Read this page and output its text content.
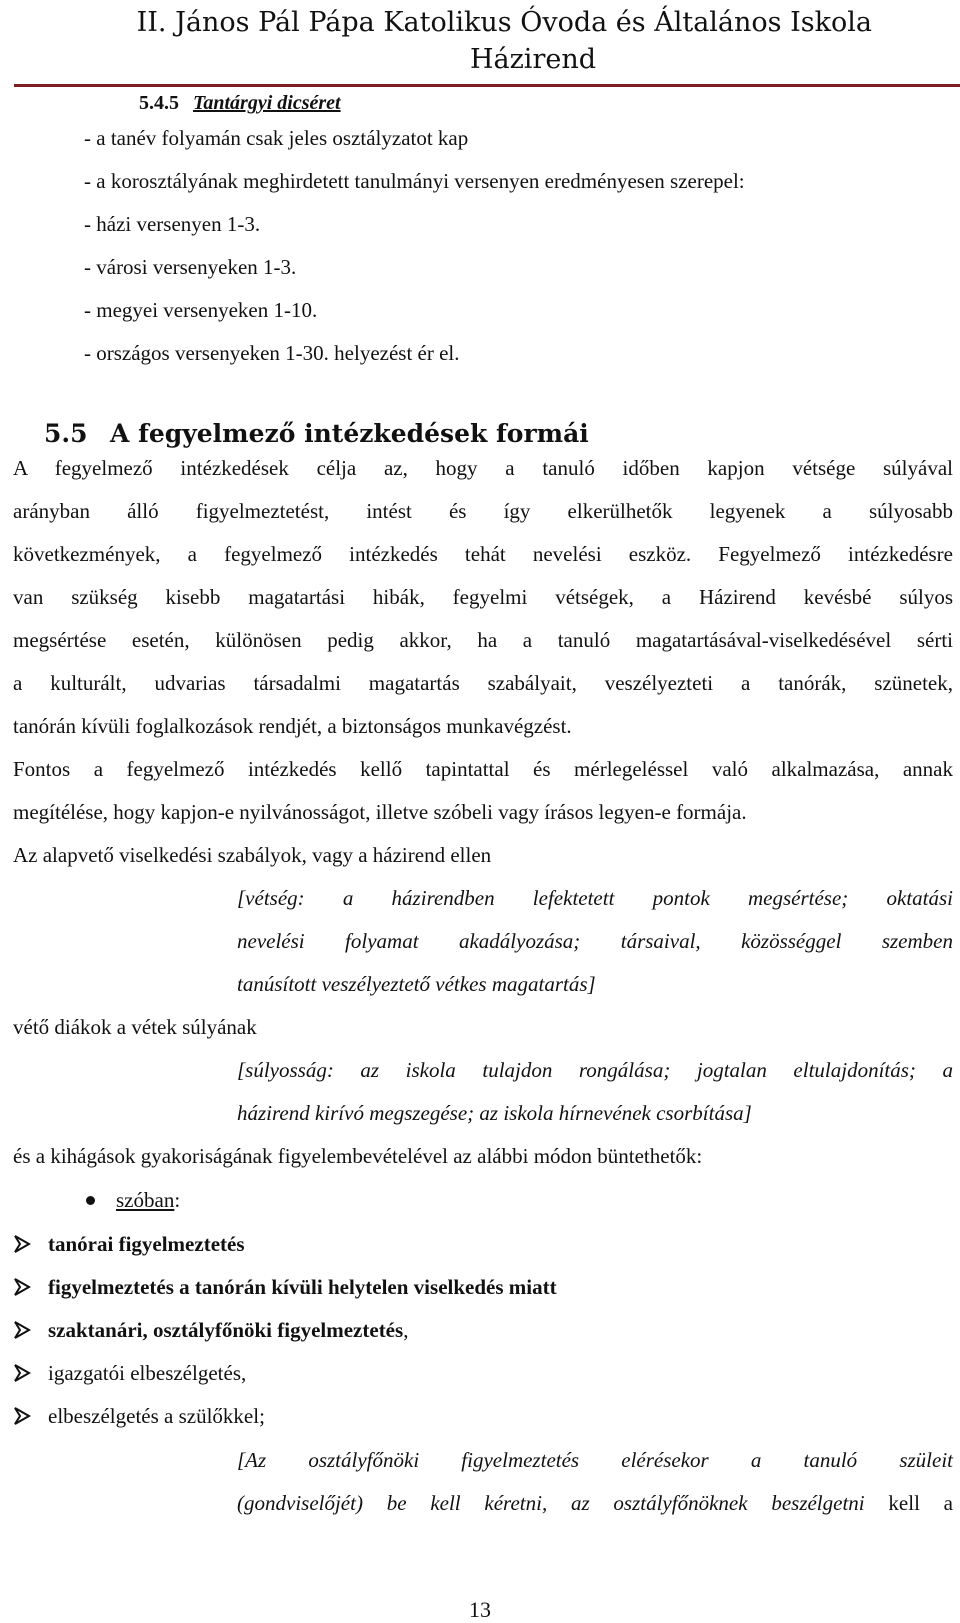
II. János Pál Pápa Katolikus Óvoda és Általános Iskola
Házirend
5.4.5 Tantárgyi dicséret
- a tanév folyamán csak jeles osztályzatot kap
- a korosztályának meghirdetett tanulmányi versenyen eredményesen szerepel:
- házi versenyen 1-3.
- városi versenyeken 1-3.
- megyei versenyeken 1-10.
- országos versenyeken 1-30. helyezést ér el.
5.5 A fegyelmező intézkedések formái
A fegyelmező intézkedések célja az, hogy a tanuló időben kapjon vétsége súlyával
arányban álló figyelmeztetést, intést és így elkerülhetők legyenek a súlyosabb
következmények, a fegyelmező intézkedés tehát nevelési eszköz. Fegyelmező intézkedésre
van szükség kisebb magatartási hibák, fegyelmi vétségek, a Házirend kevésbé súlyos
megsértése esetén, különösen pedig akkor, ha a tanuló magatartásával-viselkedésével sérti
a kulturált, udvarias társadalmi magatartás szabályait, veszélyezteti a tanórák, szünetek,
tanórán kívüli foglalkozások rendjét, a biztonságos munkavégzést.
Fontos a fegyelmező intézkedés kellő tapintattal és mérlegeléssel való alkalmazása, annak
megítélése, hogy kapjon-e nyilvánosságot, illetve szóbeli vagy írásos legyen-e formája.
Az alapvető viselkedési szabályok, vagy a házirend ellen
[vétség: a házirendben lefektetett pontok megsértése; oktatási
nevelési folyamat akadályozása; társaival, közösséggel szemben
tanúsított veszélyeztető vétkes magatartás]
vétő diákok a vétek súlyának
[súlyosság: az iskola tulajdon rongálása; jogtalan eltulajdonítás; a
házirend kirívó megszegése; az iskola hírnevének csorbítása]
és a kihágások gyakoriságának figyelembevételével az alábbi módon büntethetők:
szóban:
tanórai figyelmeztetés
figyelmeztetés a tanórán kívüli helytelen viselkedés miatt
szaktanári, osztályfőnöki figyelmeztetés,
igazgatói elbeszélgetés,
elbeszélgetés a szülőkkel;
[Az osztályfőnöki figyelmeztetés elérésekor a tanuló szüleit
(gondviselőjét) be kell kéretni, az osztályfőnöknek beszélgetni kell a
13
